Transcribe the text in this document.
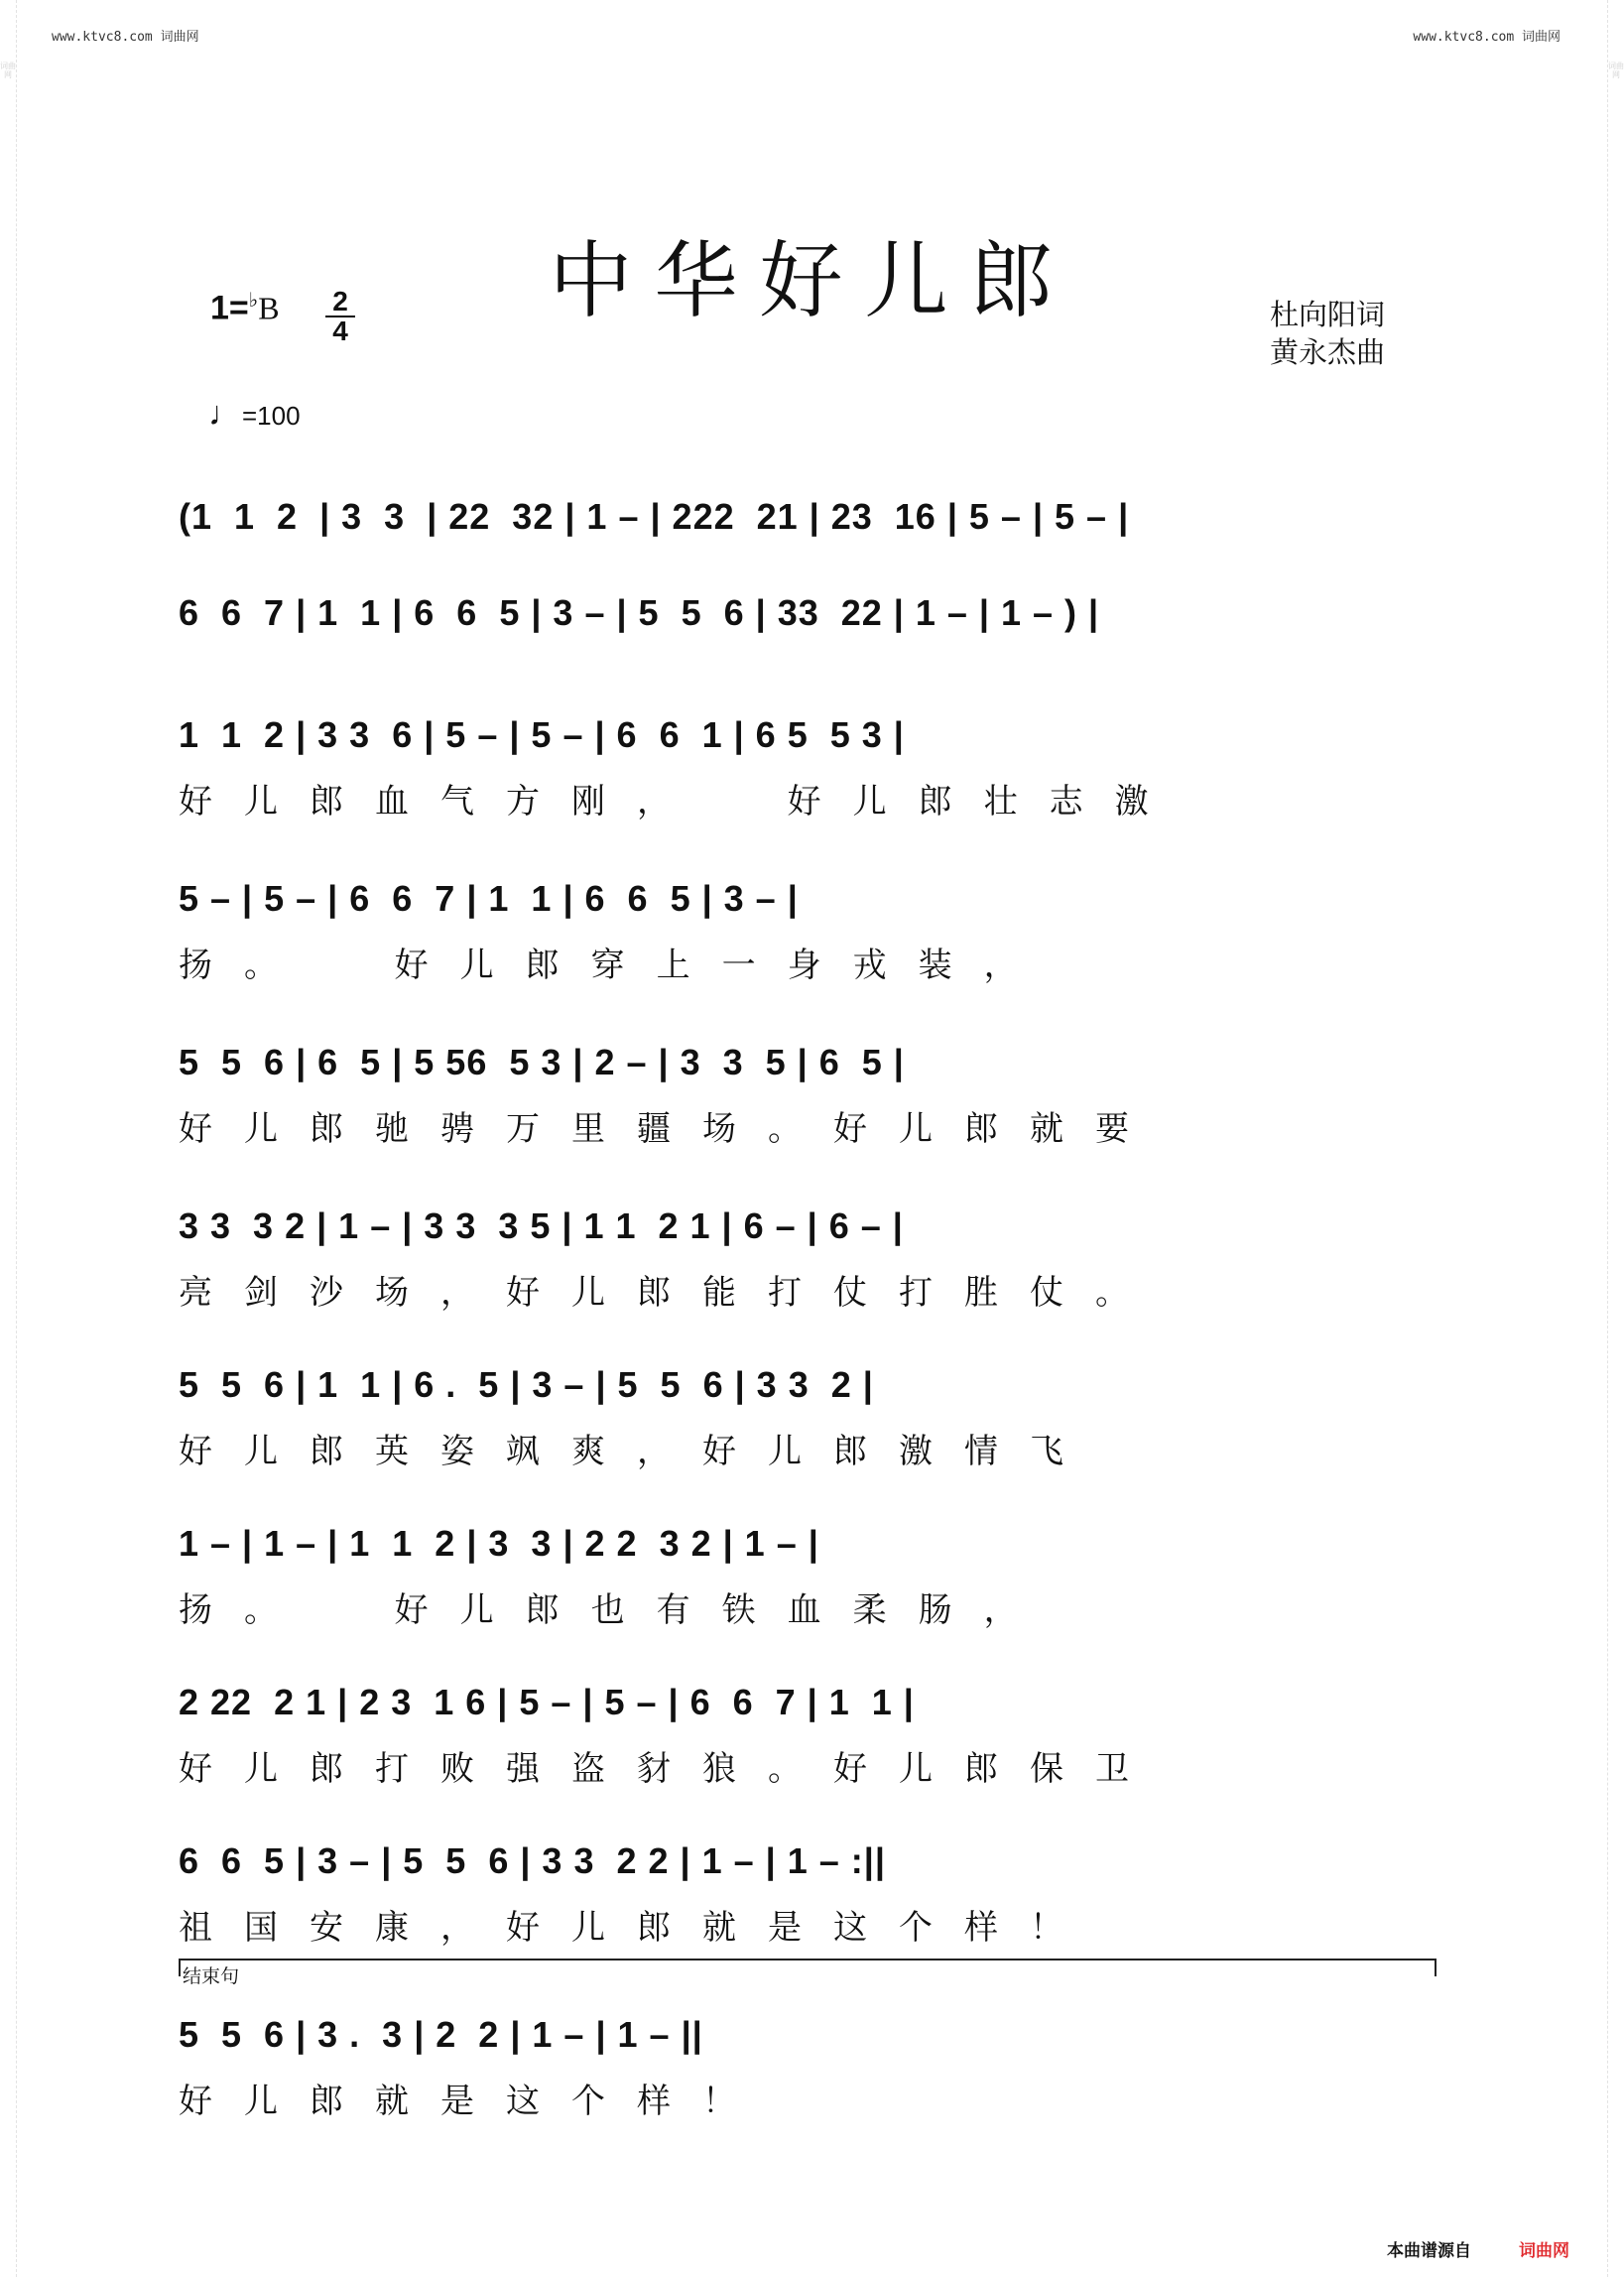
词曲网
词曲网
www.ktvc8.com 词曲网	www.ktvc8.com 词曲网
中华好儿郎
1=♭B 2
4	杜向阳词
黄永杰曲
♩=100
(1  1  2  | 3  3  | 22  32 | 1 – | 222  21 | 23  16 | 5 – | 5 – |
6  6  7 | 1  1 | 6  6  5 | 3 – | 5  5  6 | 33  22 | 1 – | 1 – ) |
1  1  2 | 3 3  6 | 5 – | 5 – | 6  6  1 | 6 5  5 3 |
好儿郎血气方刚，  好儿郎壮志激
5 – | 5 – | 6  6  7 | 1  1 | 6  6  5 | 3 – |
扬。  好儿郎穿上一身戎装，
5  5  6 | 6  5 | 5 56  5 3 | 2 – | 3  3  5 | 6  5 |
好儿郎驰骋万里疆场。好儿郎就要
3 3  3 2 | 1 – | 3 3  3 5 | 1 1  2 1 | 6 – | 6 – |
亮剑沙场，好儿郎能打仗打胜仗。
5  5  6 | 1  1 | 6 .  5 | 3 – | 5  5  6 | 3 3  2 |
好儿郎英姿飒爽，好儿郎激情飞
1 – | 1 – | 1  1  2 | 3  3 | 2 2  3 2 | 1 – |
扬。  好儿郎也有铁血柔肠，
2 22  2 1 | 2 3  1 6 | 5 – | 5 – | 6  6  7 | 1  1 |
好儿郎打败强盗豺狼。好儿郎保卫
6  6  5 | 3 – | 5  5  6 | 3 3  2 2 | 1 – | 1 – :||
祖国安康，好儿郎就是这个样！
5  5  6 | 3 .  3 | 2  2 | 1 – | 1 – ||
好儿郎就是这个样！
结束句
本曲谱源自	词曲网
